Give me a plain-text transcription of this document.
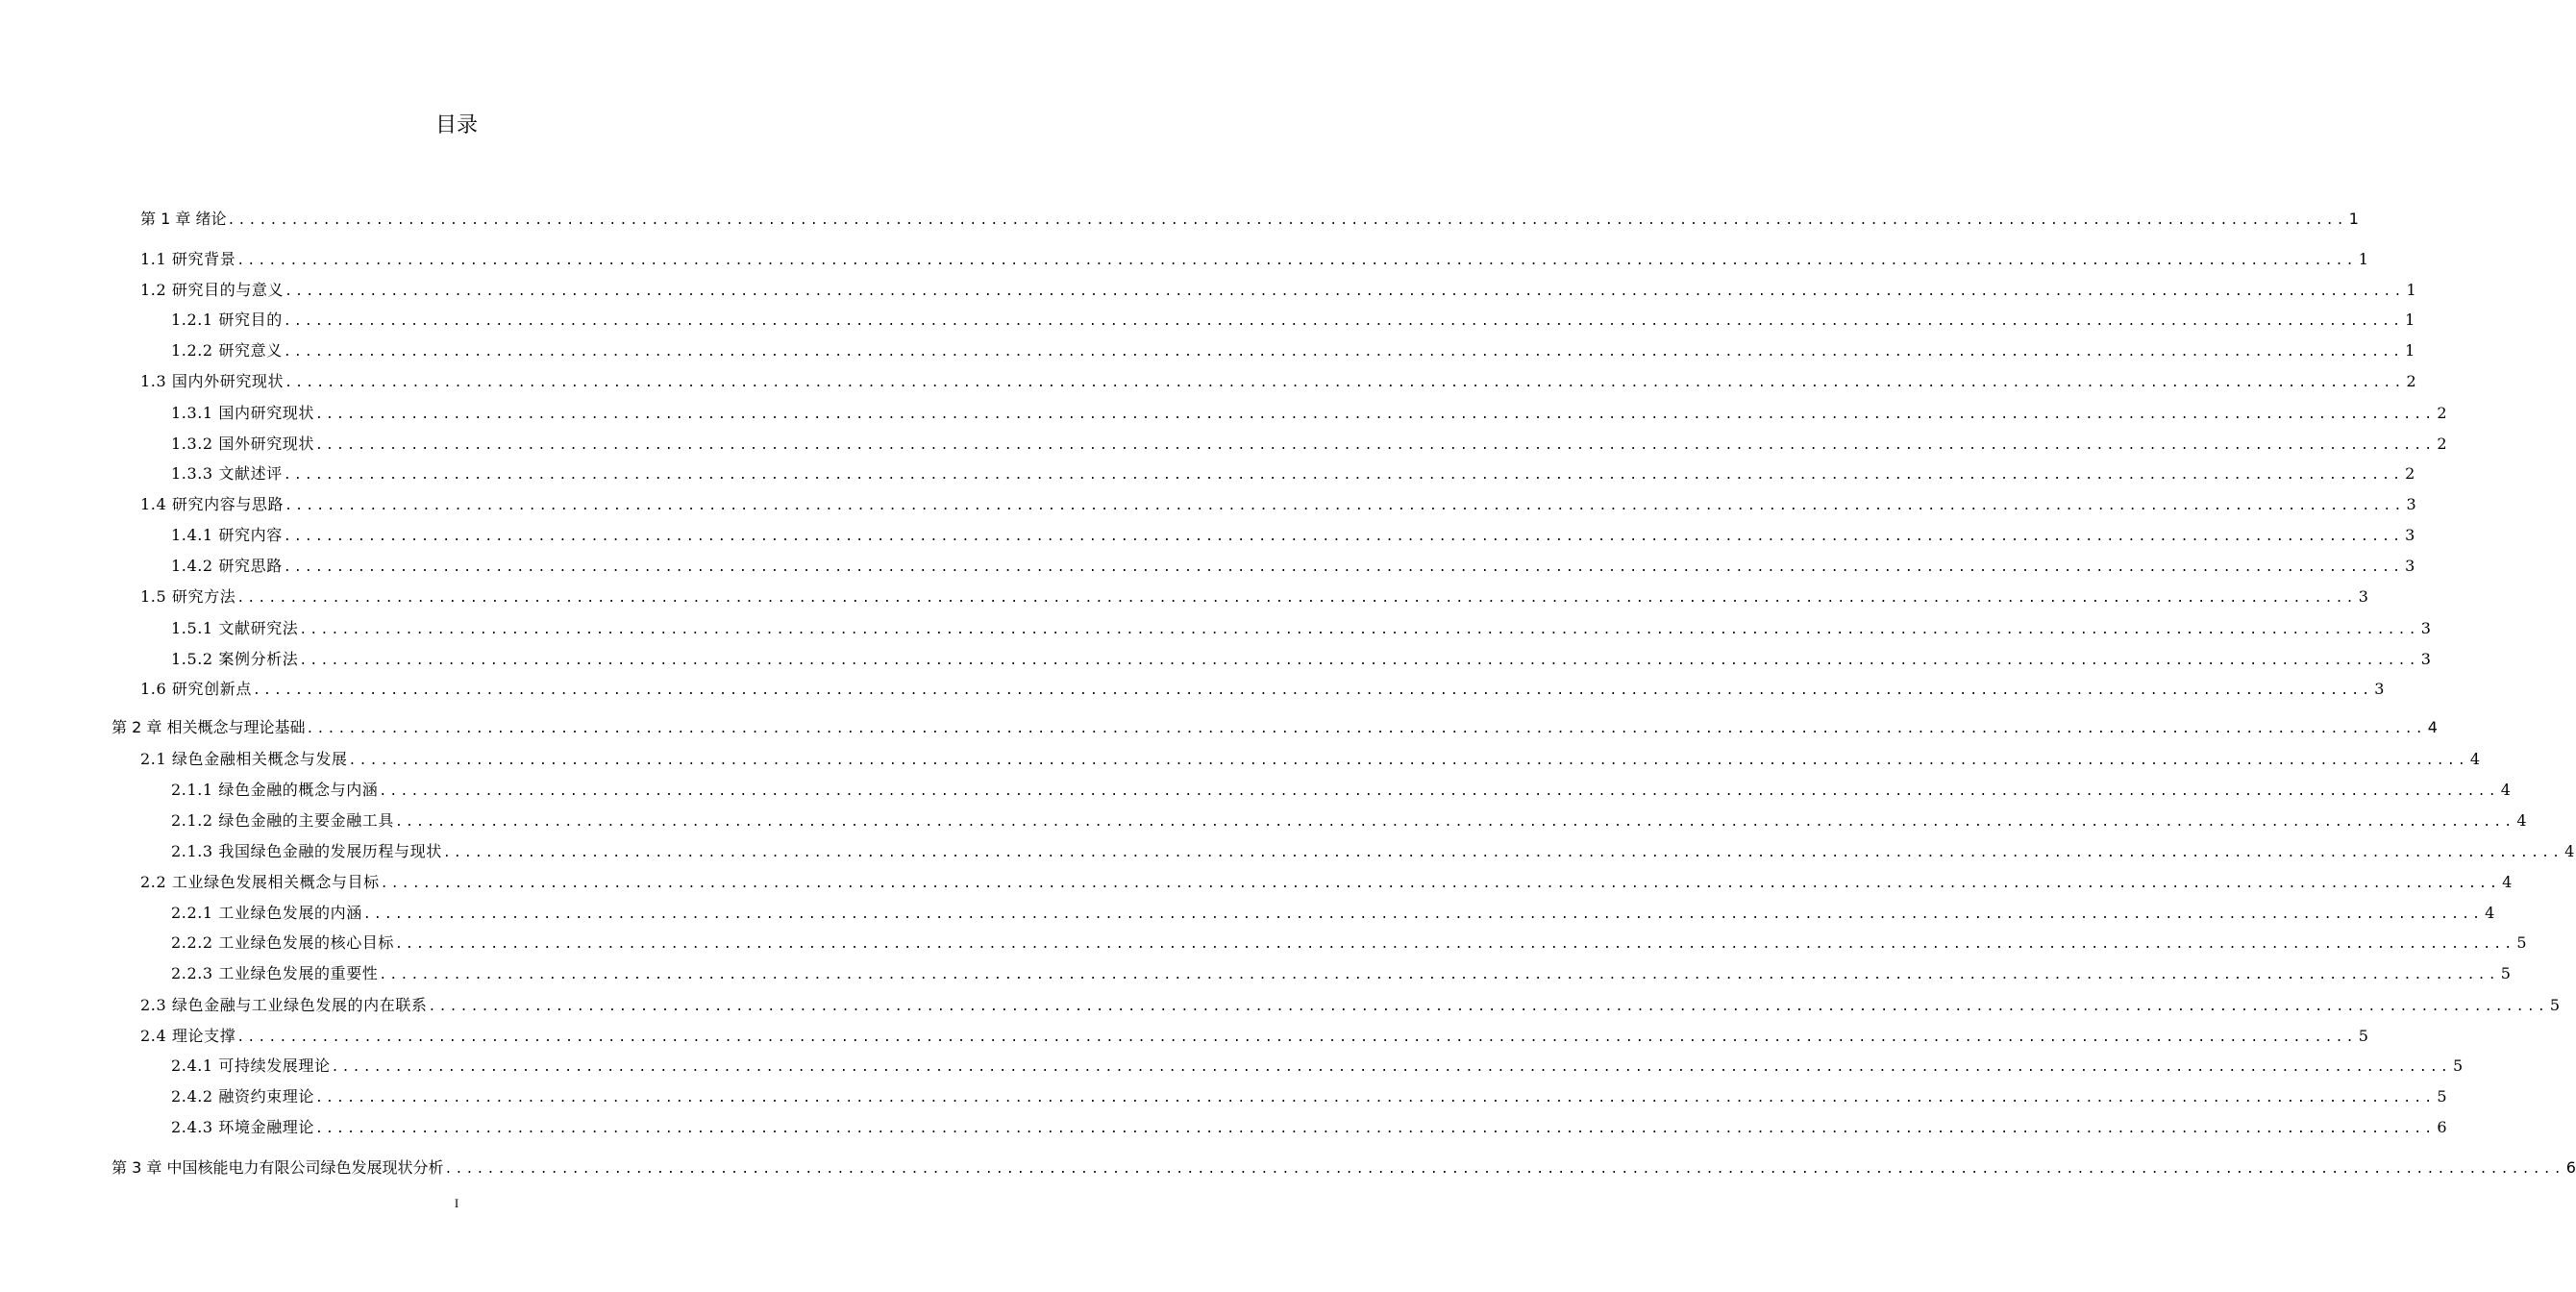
目录
第 1 章 绪论 ........................................................................................................................................................................................................ 1
1.1 研究背景 ........................................................................................................................................................................................................ 1
1.2 研究目的与意义 ........................................................................................................................................................................................................ 1
1.2.1 研究目的 ........................................................................................................................................................................................................ 1
1.2.2 研究意义 ........................................................................................................................................................................................................ 1
1.3 国内外研究现状 ........................................................................................................................................................................................................ 2
1.3.1 国内研究现状 ........................................................................................................................................................................................................ 2
1.3.2 国外研究现状 ........................................................................................................................................................................................................ 2
1.3.3 文献述评 ........................................................................................................................................................................................................ 2
1.4 研究内容与思路 ........................................................................................................................................................................................................ 3
1.4.1 研究内容 ........................................................................................................................................................................................................ 3
1.4.2 研究思路 ........................................................................................................................................................................................................ 3
1.5 研究方法 ........................................................................................................................................................................................................ 3
1.5.1 文献研究法 ........................................................................................................................................................................................................ 3
1.5.2 案例分析法 ........................................................................................................................................................................................................ 3
1.6 研究创新点 ........................................................................................................................................................................................................ 3
第 2 章 相关概念与理论基础 ........................................................................................................................................................................................................ 4
2.1 绿色金融相关概念与发展 ........................................................................................................................................................................................................ 4
2.1.1 绿色金融的概念与内涵 ........................................................................................................................................................................................................ 4
2.1.2 绿色金融的主要金融工具 ........................................................................................................................................................................................................ 4
2.1.3 我国绿色金融的发展历程与现状 ........................................................................................................................................................................................................ 4
2.2 工业绿色发展相关概念与目标 ........................................................................................................................................................................................................ 4
2.2.1 工业绿色发展的内涵 ........................................................................................................................................................................................................ 4
2.2.2 工业绿色发展的核心目标 ........................................................................................................................................................................................................ 5
2.2.3 工业绿色发展的重要性 ........................................................................................................................................................................................................ 5
2.3 绿色金融与工业绿色发展的内在联系 ........................................................................................................................................................................................................ 5
2.4 理论支撑 ........................................................................................................................................................................................................ 5
2.4.1 可持续发展理论 ........................................................................................................................................................................................................ 5
2.4.2 融资约束理论 ........................................................................................................................................................................................................ 5
2.4.3 环境金融理论 ........................................................................................................................................................................................................ 6
第 3 章 中国核能电力有限公司绿色发展现状分析 ........................................................................................................................................................................................................ 6
I
